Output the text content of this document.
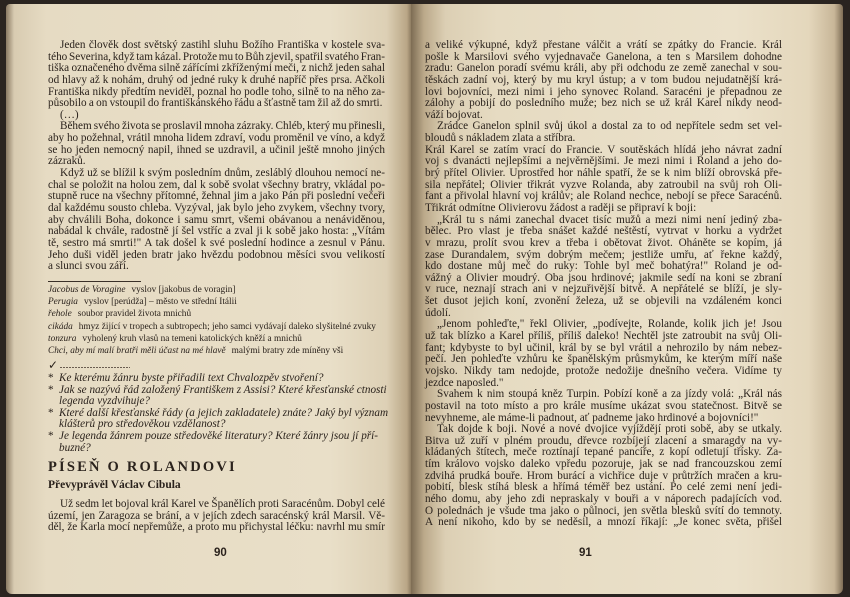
Jeden člověk dost světský zastihl sluhu Božího Františka v kostele sva-
tého Severina, když tam kázal. Protože mu to Bůh zjevil, spatřil svatého Fran-
tiška označeného dvěma silně zářícími zkříženými meči, z nichž jeden sahal
od hlavy až k nohám, druhý od jedné ruky k druhé napříč přes prsa. Ačkoli
Františka nikdy předtím neviděl, poznal ho podle toho, silně to na něho za-
působilo a on vstoupil do františkánského řádu a šťastně tam žil až do smrti.
(…)
Během svého života se proslavil mnoha zázraky. Chléb, který mu přinesli,
aby ho požehnal, vrátil mnoha lidem zdraví, vodu proměnil ve víno, a když
se ho jeden nemocný napil, ihned se uzdravil, a učinil ještě mnoho jiných
zázraků.
Když už se blížil k svým posledním dnům, zesláblý dlouhou nemocí ne-
chal se položit na holou zem, dal k sobě svolat všechny bratry, vkládal po-
stupně ruce na všechny přítomné, žehnal jim a jako Pán při poslední večeři
dal každému sousto chleba. Vyzýval, jak bylo jeho zvykem, všechny tvory,
aby chválili Boha, dokonce i samu smrt, všemi obávanou a nenáviděnou,
nabádal k chvále, radostně jí šel vstříc a zval ji k sobě jako hosta: „Vítám
tě, sestro má smrti!" A tak došel k své poslední hodince a zesnul v Pánu.
Jeho duši viděl jeden bratr jako hvězdu podobnou měsíci svou velikostí
a slunci svou září.
Jacobus de Voragine vyslov [jakobus de voragin]
Perugia vyslov [perúdža] – město ve střední Itálii
řehole soubor pravidel života mnichů
cikáda hmyz žijící v tropech a subtropech; jeho samci vydávají daleko slyšitelné zvuky
tonzura vyholený kruh vlasů na temeni katolických kněží a mnichů
Chci, aby mí malí bratři měli účast na mé hlavě malými bratry zde míněny vši
✓
* Ke kterému žánru byste přiřadili text Chvalozpěv stvoření?
* Jak se nazývá řád založený Františkem z Assisi? Které křesťanské ctnosti
legenda vyzdvihuje?
* Které další křesťanské řády (a jejich zakladatele) znáte? Jaký byl význam
klášterů pro středověkou vzdělanost?
* Je legenda žánrem pouze středověké literatury? Které žánry jsou jí pří-
buzné?
PÍSEŇ O ROLANDOVI
Převyprávěl Václav Cibula
Už sedm let bojoval král Karel ve Španělích proti Saracénům. Dobyl celé
území, jen Zaragoza se brání, a v jejích zdech saracénský král Marsil. Vě-
děl, že Karla mocí nepřemůže, a proto mu přichystal léčku: navrhl mu smír
90
a veliké výkupné, když přestane válčit a vrátí se zpátky do Francie. Král
pošle k Marsilovi svého vyjednavače Ganelona, a ten s Marsilem dohodne
zradu: Ganelon poradí svému králi, aby při odchodu ze země zanechal v sou-
těskách zadní voj, který by mu kryl ústup; a v tom budou nejudatnější krá-
lovi bojovníci, mezi nimi i jeho synovec Roland. Saracéni je přepadnou ze
zálohy a pobijí do posledního muže; bez nich se už král Karel nikdy neod-
váží bojovat.
Zrádce Ganelon splnil svůj úkol a dostal za to od nepřítele sedm set vel-
bloudů s nákladem zlata a stříbra.
Král Karel se zatím vrací do Francie. V soutěskách hlídá jeho návrat zadní
voj s dvanácti nejlepšími a nejvěrnějšími. Je mezi nimi i Roland a jeho do-
brý přítel Olivier. Uprostřed hor náhle spatří, že se k nim blíží obrovská pře-
sila nepřátel; Olivier třikrát vyzve Rolanda, aby zatroubil na svůj roh Oli-
fant a přivolal hlavní voj králův; ale Roland nechce, nebojí se přece Saracénů.
Třikrát odmítne Olivierovu žádost a raději se připraví k boji:
„Král tu s námi zanechal dvacet tisíc mužů a mezi nimi není jediný zba-
bělec. Pro vlast je třeba snášet každé neštěstí, vytrvat v horku a vydržet
v mrazu, prolít svou krev a třeba i obětovat život. Oháněte se kopím, já
zase Durandalem, svým dobrým mečem; jestliže umřu, ať řekne každý,
kdo dostane můj meč do ruky: Tohle byl meč bohatýra!" Roland je od-
vážný a Olivier moudrý. Oba jsou hrdinové; jakmile sedí na koni se zbraní
v ruce, neznají strach ani v nejzuřivější bitvě. A nepřátelé se blíží, je sly-
šet dusot jejich koní, zvonění železa, už se objevili na vzdáleném konci
údolí.
„Jenom pohleďte," řekl Olivier, „podívejte, Rolande, kolik jich je! Jsou
už tak blízko a Karel příliš, příliš daleko! Nechtěl jste zatroubit na svůj Oli-
fant; kdybyste to byl učinil, král by se byl vrátil a nehrozilo by nám nebez-
pečí. Jen pohleďte vzhůru ke španělským průsmykům, ke kterým míří naše
vojsko. Nikdy tam nedojde, protože nedožije dnešního večera. Vidíme ty
jezdce naposled."
Svahem k nim stoupá kněz Turpin. Pobízí koně a za jízdy volá: „Král nás
postavil na toto místo a pro krále musíme ukázat svou statečnost. Bitvě se
nevyhneme, ale máme-li padnout, ať padneme jako hrdinové a bojovníci!"
Tak dojde k boji. Nové a nové dvojice vyjíždějí proti sobě, aby se utkaly.
Bitva už zuří v plném proudu, dřevce rozbíjejí zlacení a smaragdy na vy-
kládaných štítech, meče roztínají tepané pancíře, z kopí odletují třísky. Za-
tím královo vojsko daleko vpředu pozoruje, jak se nad francouzskou zemí
zdvihá prudká bouře. Hrom burácí a vichřice duje v průtržích mračen a kru-
pobití, blesk stíhá blesk a hřímá téměř bez ustání. Po celé zemi není jedi-
ného domu, aby jeho zdi nepraskaly v bouři a v náporech padajících vod.
O polednách je všude tma jako o půlnoci, jen světla blesků svítí do temnoty.
A není nikoho, kdo by se neděsil, a mnozí říkají: „Je konec světa, přišel
91
